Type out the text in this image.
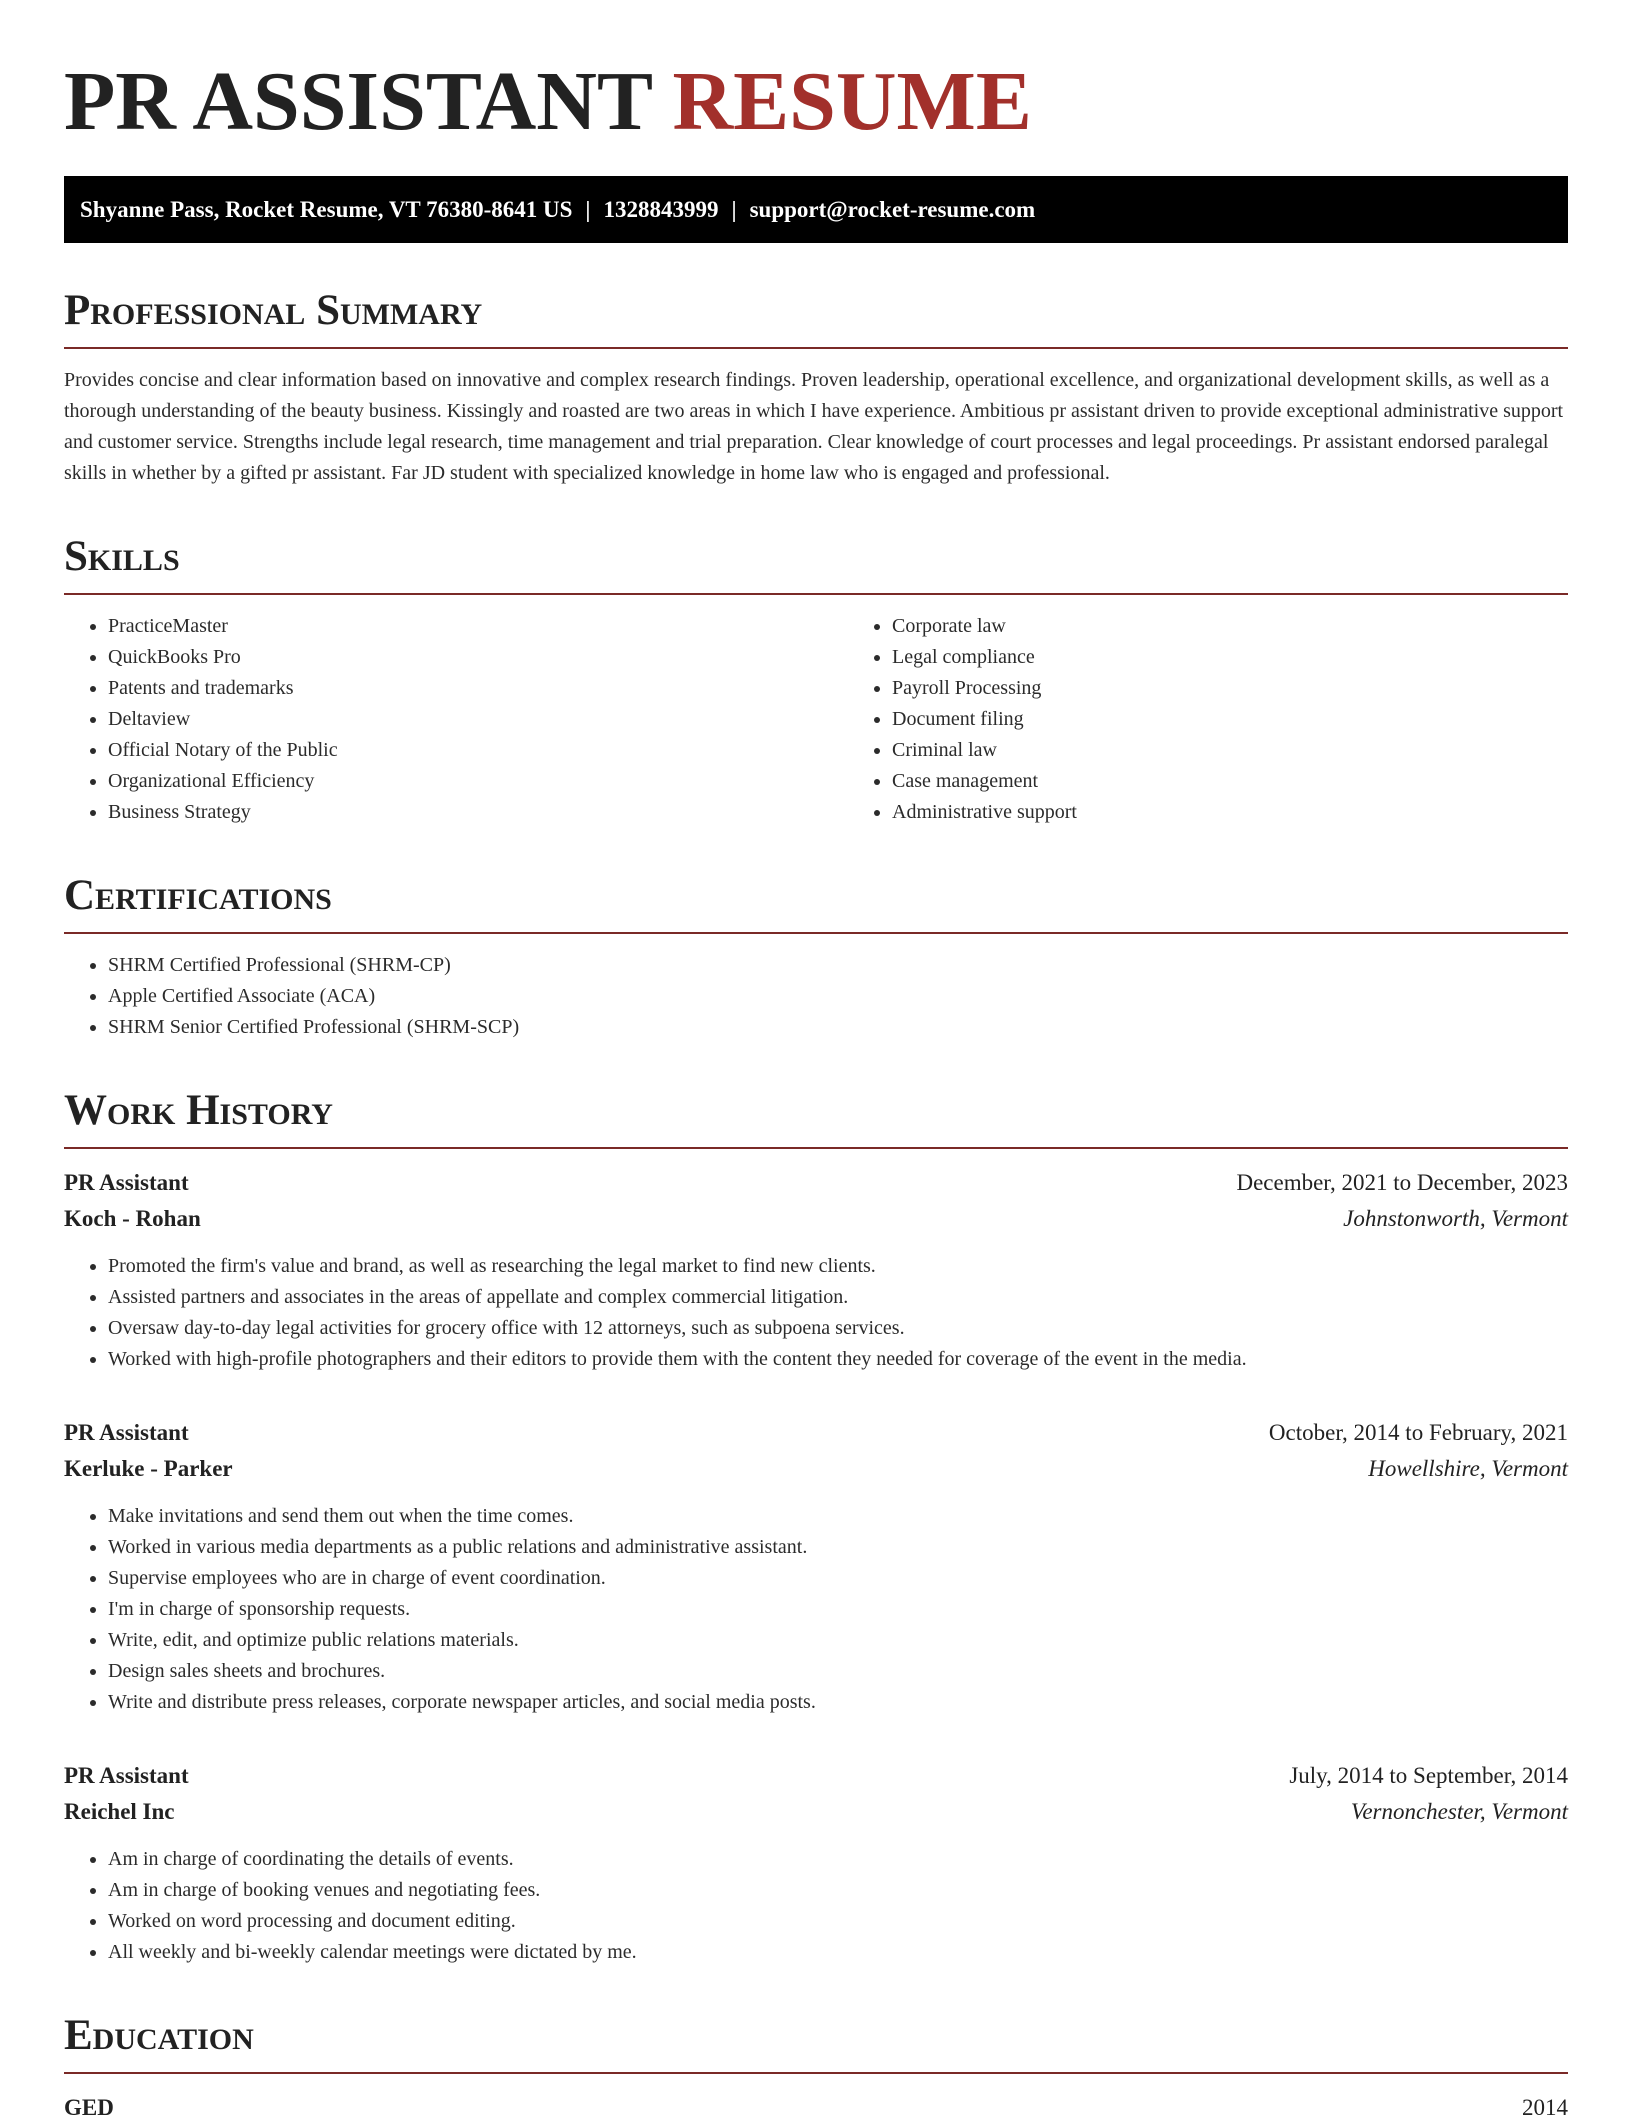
PR ASSISTANT RESUME
Shyanne Pass, Rocket Resume, VT 76380-8641 US | 1328843999 | support@rocket-resume.com
Professional Summary

Provides concise and clear information based on innovative and complex research findings. Proven leadership, operational excellence, and organizational development skills, as well as a thorough understanding of the beauty business. Kissingly and roasted are two areas in which I have experience. Ambitious pr assistant driven to provide exceptional administrative support and customer service. Strengths include legal research, time management and trial preparation. Clear knowledge of court processes and legal proceedings. Pr assistant endorsed paralegal skills in whether by a gifted pr assistant. Far JD student with specialized knowledge in home law who is engaged and professional.

Skills
• PracticeMaster
• QuickBooks Pro
• Patents and trademarks
• Deltaview
• Official Notary of the Public
• Organizational Efficiency
• Business Strategy
• Corporate law
• Legal compliance
• Payroll Processing
• Document filing
• Criminal law
• Case management
• Administrative support
Certifications
• SHRM Certified Professional (SHRM-CP)
• Apple Certified Associate (ACA)
• SHRM Senior Certified Professional (SHRM-SCP)
Work History
PR Assistant	December, 2021 to December, 2023
Koch - Rohan	Johnstonworth, Vermont
• Promoted the firm's value and brand, as well as researching the legal market to find new clients.
• Assisted partners and associates in the areas of appellate and complex commercial litigation.
• Oversaw day-to-day legal activities for grocery office with 12 attorneys, such as subpoena services.
• Worked with high-profile photographers and their editors to provide them with the content they needed for coverage of the event in the media.
PR Assistant	October, 2014 to February, 2021
Kerluke - Parker	Howellshire, Vermont
• Make invitations and send them out when the time comes.
• Worked in various media departments as a public relations and administrative assistant.
• Supervise employees who are in charge of event coordination.
• I'm in charge of sponsorship requests.
• Write, edit, and optimize public relations materials.
• Design sales sheets and brochures.
• Write and distribute press releases, corporate newspaper articles, and social media posts.
PR Assistant	July, 2014 to September, 2014
Reichel Inc	Vernonchester, Vermont
• Am in charge of coordinating the details of events.
• Am in charge of booking venues and negotiating fees.
• Worked on word processing and document editing.
• All weekly and bi-weekly calendar meetings were dictated by me.
Education
GED	2014
